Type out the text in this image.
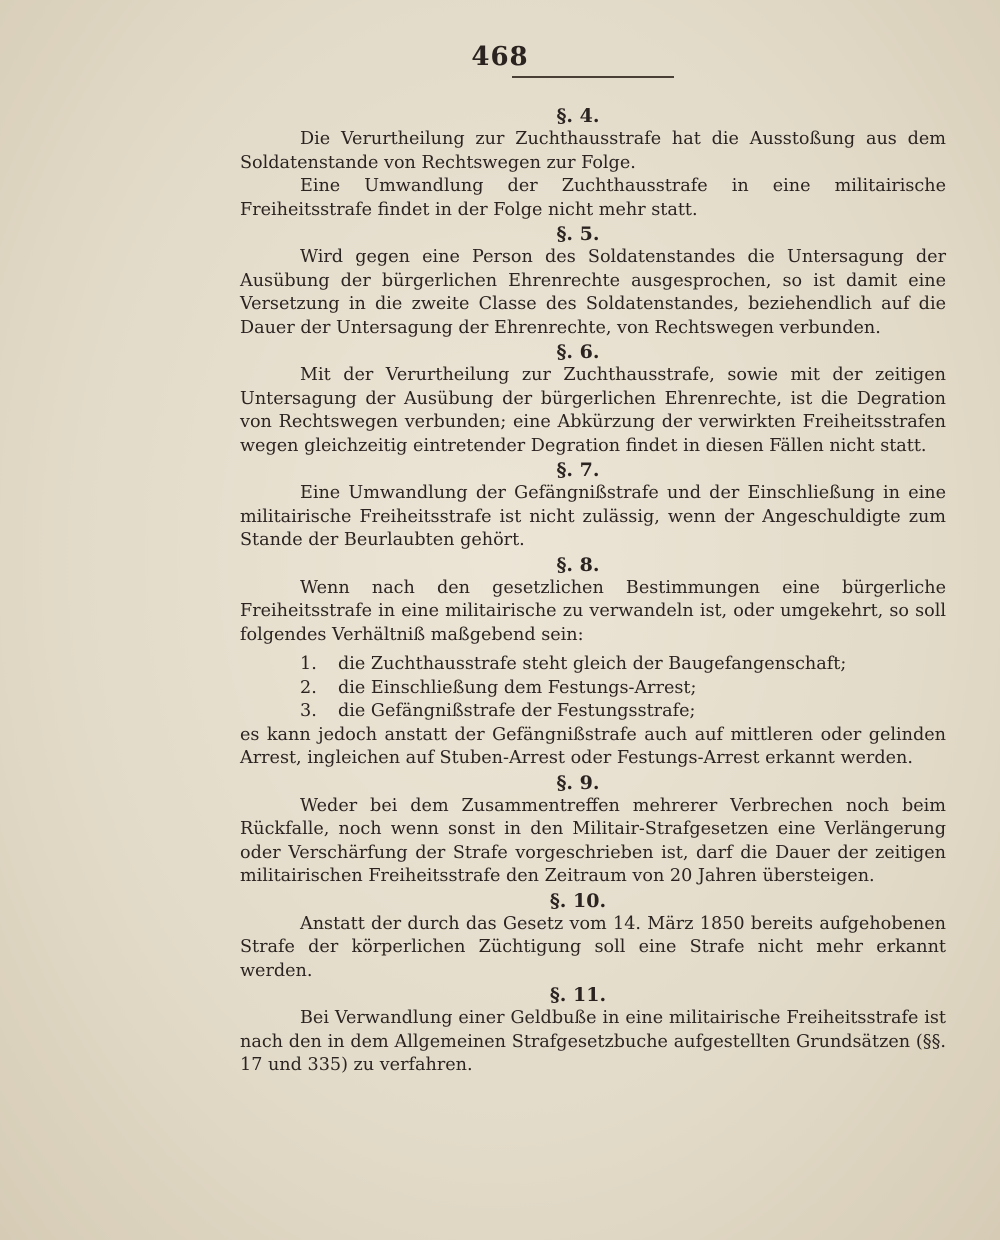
468

§. 4.

Die Verurtheilung zur Zuchthausstrafe hat die Ausstoßung aus dem Soldatenstande von Rechtswegen zur Folge.

Eine Umwandlung der Zuchthausstrafe in eine militairische Freiheitsstrafe findet in der Folge nicht mehr statt.

§. 5.

Wird gegen eine Person des Soldatenstandes die Untersagung der Ausübung der bürgerlichen Ehrenrechte ausgesprochen, so ist damit eine Versetzung in die zweite Classe des Soldatenstandes, beziehendlich auf die Dauer der Untersagung der Ehrenrechte, von Rechtswegen verbunden.

§. 6.

Mit der Verurtheilung zur Zuchthausstrafe, sowie mit der zeitigen Untersagung der Ausübung der bürgerlichen Ehrenrechte, ist die Degration von Rechtswegen verbunden; eine Abkürzung der verwirkten Freiheitsstrafen wegen gleichzeitig eintretender Degration findet in diesen Fällen nicht statt.

§. 7.

Eine Umwandlung der Gefängnißstrafe und der Einschließung in eine militairische Freiheitsstrafe ist nicht zulässig, wenn der Angeschuldigte zum Stande der Beurlaubten gehört.

§. 8.

Wenn nach den gesetzlichen Bestimmungen eine bürgerliche Freiheitsstrafe in eine militairische zu verwandeln ist, oder umgekehrt, so soll folgendes Verhältniß maßgebend sein:

1. die Zuchthausstrafe steht gleich der Baugefangenschaft;

2. die Einschließung dem Festungs-Arrest;

3. die Gefängnißstrafe der Festungsstrafe;

es kann jedoch anstatt der Gefängnißstrafe auch auf mittleren oder gelinden Arrest, ingleichen auf Stuben-Arrest oder Festungs-Arrest erkannt werden.

§. 9.

Weder bei dem Zusammentreffen mehrerer Verbrechen noch beim Rückfalle, noch wenn sonst in den Militair-Strafgesetzen eine Verlängerung oder Verschärfung der Strafe vorgeschrieben ist, darf die Dauer der zeitigen militairischen Freiheitsstrafe den Zeitraum von 20 Jahren übersteigen.

§. 10.

Anstatt der durch das Gesetz vom 14. März 1850 bereits aufgehobenen Strafe der körperlichen Züchtigung soll eine Strafe nicht mehr erkannt werden.

§. 11.

Bei Verwandlung einer Geldbuße in eine militairische Freiheitsstrafe ist nach den in dem Allgemeinen Strafgesetzbuche aufgestellten Grundsätzen (§§. 17 und 335) zu verfahren.
